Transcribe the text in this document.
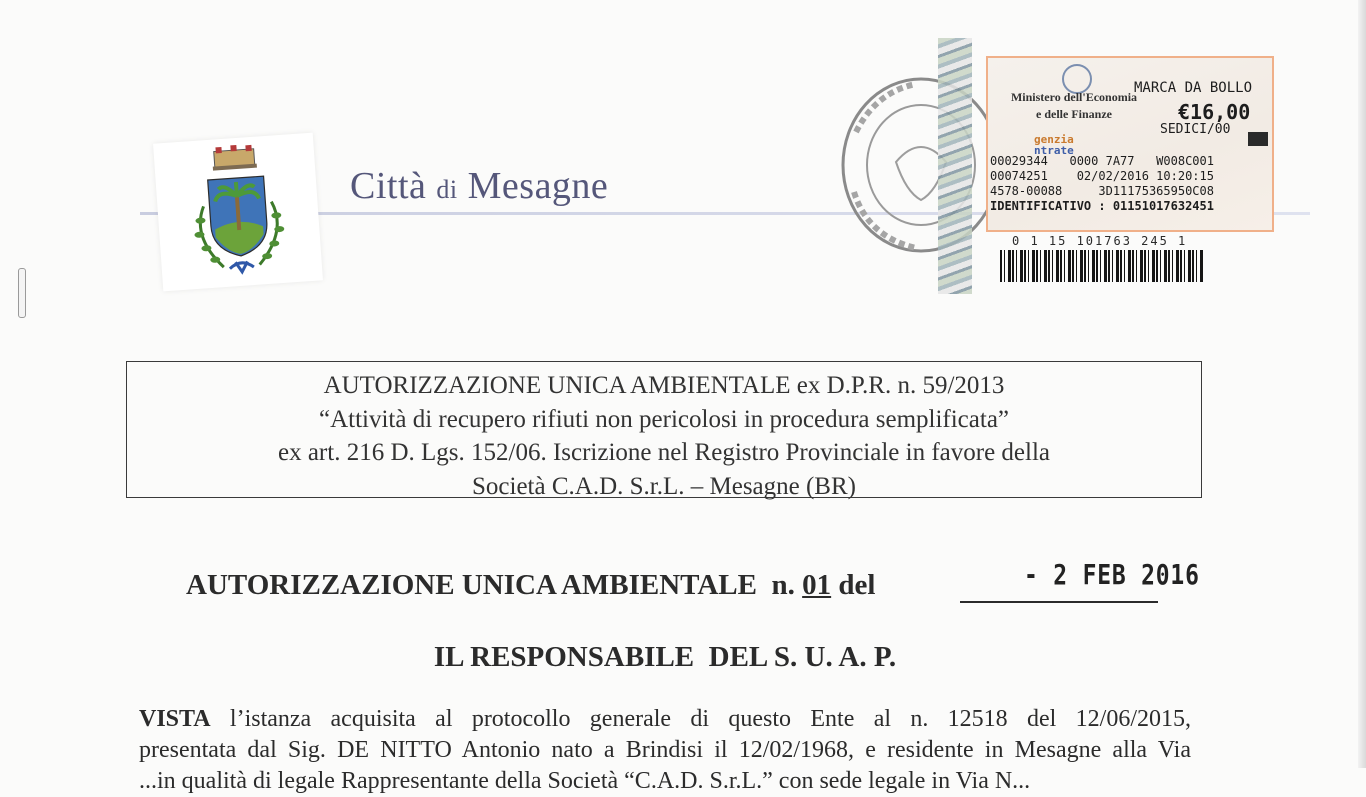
Città di Mesagne
Ministero dell'Economia
e delle Finanze
MARCA DA BOLLO
€16,00
SEDICI/00
genzia
ntrate
00029344   0000 7A77   W008C001
00074251    02/02/2016 10:20:15
4578-00088     3D11175365950C08
IDENTIFICATIVO : 01151017632451
0 1 15 101763 245 1
AUTORIZZAZIONE UNICA AMBIENTALE ex D.P.R. n. 59/2013
“Attività di recupero rifiuti non pericolosi in procedura semplificata”
ex art. 216 D. Lgs. 152/06. Iscrizione nel Registro Provinciale in favore della
Società C.A.D. S.r.L. – Mesagne (BR)
AUTORIZZAZIONE UNICA AMBIENTALE n. 01 del	- 2 FEB 2016
IL RESPONSABILE  DEL S. U. A. P.
VISTA l’istanza acquisita al protocollo generale di questo Ente al n. 12518 del 12/06/2015,
presentata dal Sig. DE NITTO Antonio nato a Brindisi il 12/02/1968, e residente in Mesagne alla Via
...in qualità di legale Rappresentante della Società “C.A.D. S.r.L.” con sede legale in Via N...
